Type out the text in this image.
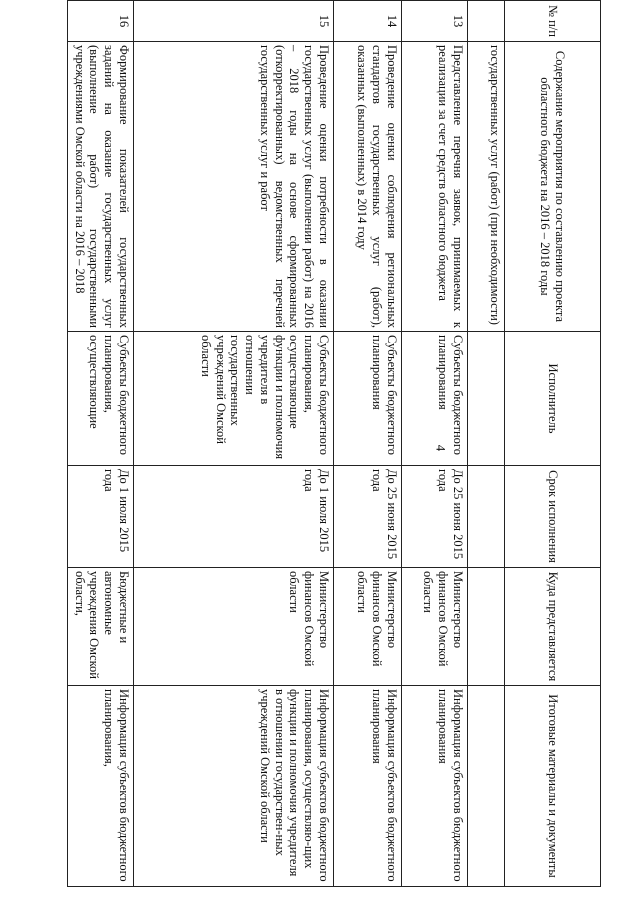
4
№ п/п	Содержание мероприятия по составлению проекта областного бюджета на 2016 – 2018 годы	Исполнитель	Срок исполнения	Куда представляется	Итоговые материалы и документы
	государственных услуг (работ) (при необходимости)				
13	Представление перечня заявок, принимаемых к реализации за счет средств областного бюджета	Субъекты бюджетного планирования	До 25 июня 2015 года	Министерство финансов Омской области	Информация субъектов бюджетного планирования
14	Проведение оценки соблюдения региональных стандартов государственных услуг (работ), оказанных (выполненных) в 2014 году	Субъекты бюджетного планирования	До 25 июня 2015 года	Министерство финансов Омской области	Информация субъектов бюджетного планирования
15	Проведение оценки потребности в оказании государственных услуг (выполнении работ) на 2016 – 2018 годы на основе сформированных (откорректированных) ведомственных перечней государственных услуг и работ	Субъекты бюджетного планирования, осуществляющие функции и полномочия учредителя в отношении государственных учреждений Омской области	До 1 июля 2015 года	Министерство финансов Омской области	Информация субъектов бюджетного планирования, осуществляю-щих функции и полномочия учредителя в отношении государствен-ных учреждений Омской области
16	Формирование показателей государственных заданий на оказание государственных услуг (выполнение работ) государственными учреждениями Омской области на 2016 – 2018	Субъекты бюджетного планирования, осуществляющие	До 1 июля 2015 года	Бюджетные и автономные учреждения Омской области,	Информация субъектов бюджетного планирования,
